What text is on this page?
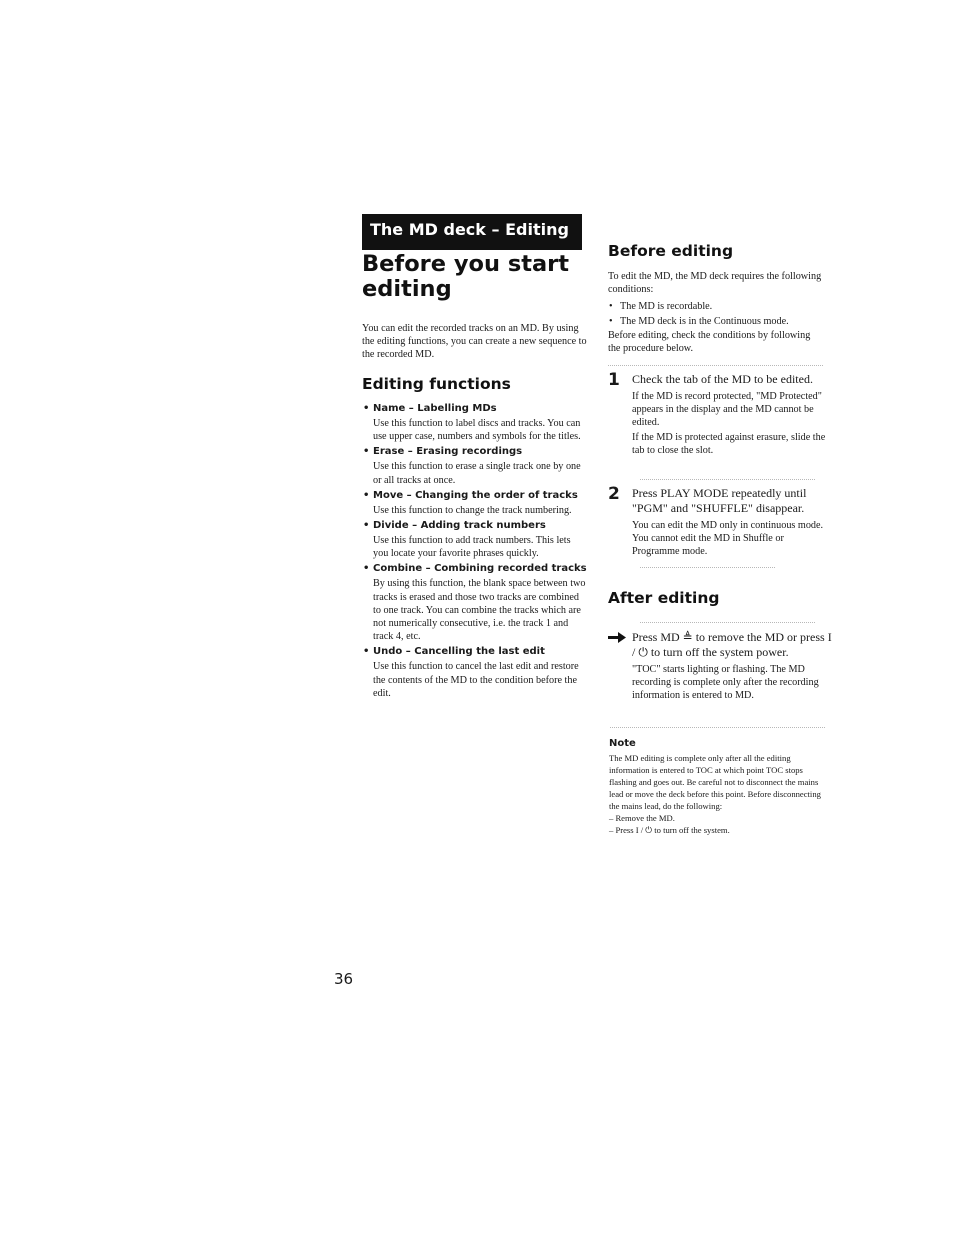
The MD deck – Editing
Before you start editing

You can edit the recorded tracks on an MD. By using the editing functions, you can create a new sequence to the recorded MD.

Editing functions
• Name – Labelling MDs
Use this function to label discs and tracks. You can use upper case, numbers and symbols for the titles.
• Erase – Erasing recordings
Use this function to erase a single track one by one or all tracks at once.
• Move – Changing the order of tracks
Use this function to change the track numbering.
• Divide – Adding track numbers
Use this function to add track numbers. This lets you locate your favorite phrases quickly.
• Combine – Combining recorded tracks
By using this function, the blank space between two tracks is erased and those two tracks are combined to one track. You can combine the tracks which are not numerically consecutive, i.e. the track 1 and track 4, etc.
• Undo – Cancelling the last edit
Use this function to cancel the last edit and restore the contents of the MD to the condition before the edit.
Before editing

To edit the MD, the MD deck requires the following conditions:

• The MD is recordable.
• The MD deck is in the Continuous mode.

Before editing, check the conditions by following the procedure below.

1 Check the tab of the MD to be edited.

If the MD is record protected, "MD Protected" appears in the display and the MD cannot be edited.

If the MD is protected against erasure, slide the tab to close the slot.

2 Press PLAY MODE repeatedly until "PGM" and "SHUFFLE" disappear.

You can edit the MD only in continuous mode. You cannot edit the MD in Shuffle or Programme mode.

After editing

Press MD ≜ to remove the MD or press I / ⏻ to turn off the system power.

"TOC" starts lighting or flashing. The MD recording is complete only after the recording information is entered to MD.

Note

The MD editing is complete only after all the editing information is entered to TOC at which point TOC stops flashing and goes out. Be careful not to disconnect the mains lead or move the deck before this point. Before disconnecting the mains lead, do the following:
– Remove the MD.
– Press I / ⏻ to turn off the system.

36
